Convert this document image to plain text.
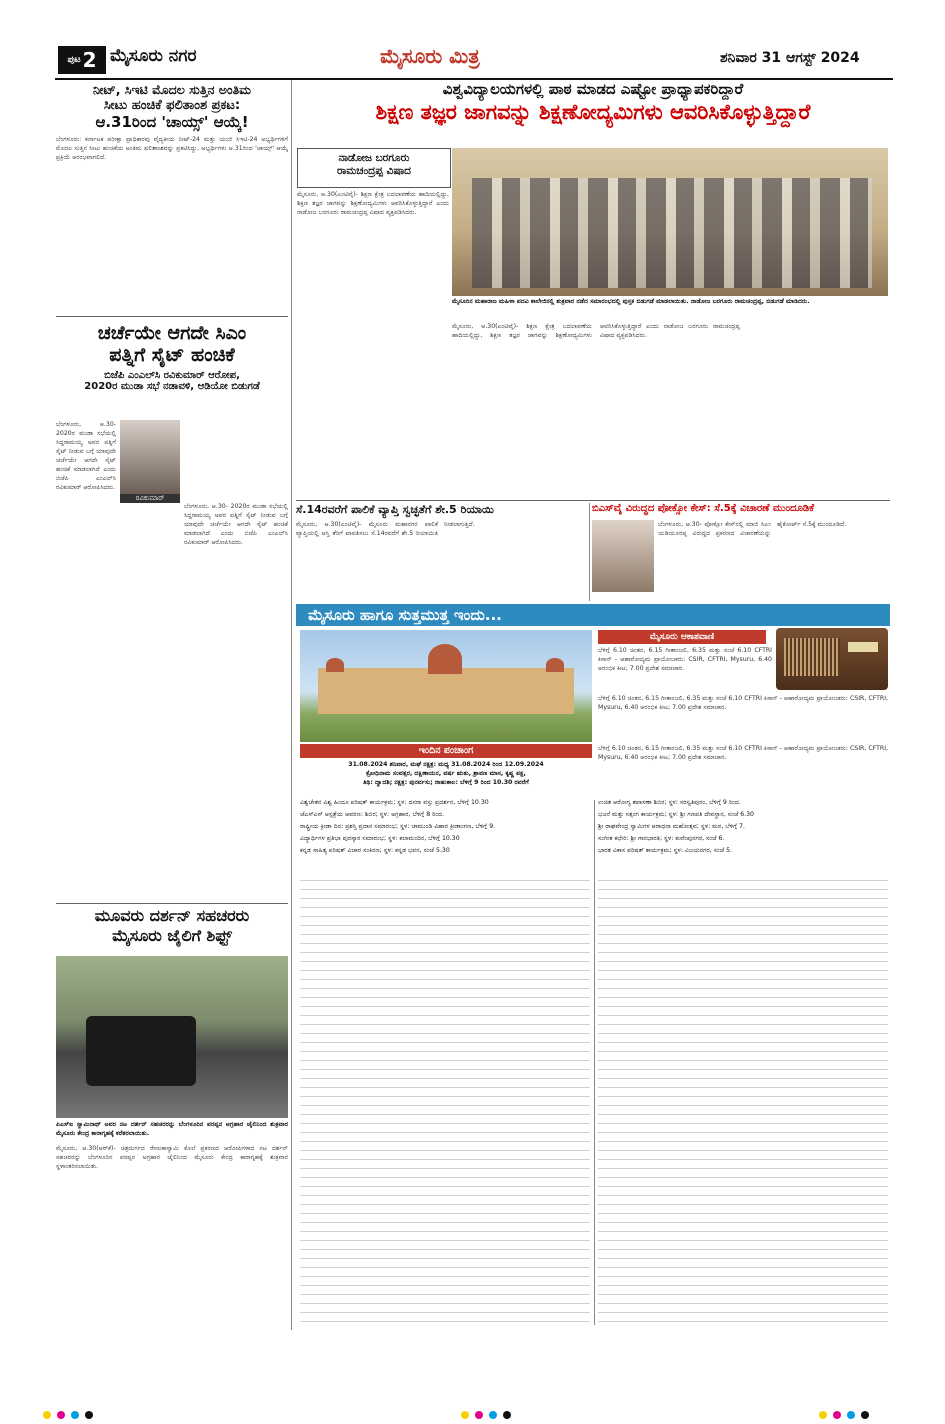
ಪುಟ 2 ಮೈಸೂರು ನಗರ	ಮೈಸೂರು ಮಿತ್ರ	ಶನಿವಾರ 31 ಆಗಸ್ಟ್ 2024
ನೀಟ್, ಸಿಇಟಿ ಮೊದಲ ಸುತ್ತಿನ ಅಂತಿಮ
ಸೀಟು ಹಂಚಿಕೆ ಫಲಿತಾಂಶ ಪ್ರಕಟ:
ಆ.31ರಿಂದ 'ಚಾಯ್ಸ್' ಆಯ್ಕೆ!

ಬೆಂಗಳೂರು: ಕರ್ನಾಟಕ ಪರೀಕ್ಷಾ ಪ್ರಾಧಿಕಾರವು ವೈದ್ಯಕೀಯ ನೀಟ್-24 ಮತ್ತು ಯುಜಿ ಸಿಇಟಿ-24 ಅಭ್ಯರ್ಥಿಗಳಿಗೆ ಮೊದಲ ಸುತ್ತಿನ ಸೀಟು ಹಂಚಿಕೆಯ ಅಂತಿಮ ಫಲಿತಾಂಶವನ್ನು ಪ್ರಕಟಿಸಿದ್ದು, ಅಭ್ಯರ್ಥಿಗಳು ಆ.31ರಿಂದ 'ಚಾಯ್ಸ್' ಆಯ್ಕೆ ಪ್ರಕ್ರಿಯೆ ಆರಂಭವಾಗಲಿದೆ.

ಚರ್ಚೆಯೇ ಆಗದೇ ಸಿಎಂ
ಪತ್ನಿಗೆ ಸೈಟ್ ಹಂಚಿಕೆ
ಬಿಜೆಪಿ ಎಂಎಲ್‌ಸಿ ರವಿಕುಮಾರ್ ಆರೋಪ,
2020ರ ಮುಡಾ ಸಭೆ ನಡಾವಳಿ, ಆಡಿಯೋ ಬಿಡುಗಡೆ
ರವಿಕುಮಾರ್

ಬೆಂಗಳೂರು, ಆ.30- 2020ರ ಮುಡಾ ಸಭೆಯಲ್ಲಿ ಸಿದ್ದರಾಮಯ್ಯ ಅವರ ಪತ್ನಿಗೆ ಸೈಟ್ ನೀಡುವ ಬಗ್ಗೆ ಯಾವುದೇ ಚರ್ಚೆಯೇ ಆಗದೇ ಸೈಟ್ ಹಂಚಿಕೆ ಮಾಡಲಾಗಿದೆ ಎಂದು ಬಿಜೆಪಿ ಎಂಎಲ್‌ಸಿ ರವಿಕುಮಾರ್ ಆರೋಪಿಸಿದರು.

ಬೆಂಗಳೂರು, ಆ.30- 2020ರ ಮುಡಾ ಸಭೆಯಲ್ಲಿ ಸಿದ್ದರಾಮಯ್ಯ ಅವರ ಪತ್ನಿಗೆ ಸೈಟ್ ನೀಡುವ ಬಗ್ಗೆ ಯಾವುದೇ ಚರ್ಚೆಯೇ ಆಗದೇ ಸೈಟ್ ಹಂಚಿಕೆ ಮಾಡಲಾಗಿದೆ ಎಂದು ಬಿಜೆಪಿ ಎಂಎಲ್‌ಸಿ ರವಿಕುಮಾರ್ ಆರೋಪಿಸಿದರು.

ಮೂವರು ದರ್ಶನ್ ಸಹಚರರು
ಮೈಸೂರು ಜೈಲಿಗೆ ಶಿಫ್ಟ್

ಪಿಎಸ್ಐ ಸ್ವಾಮಿನಾಥ್ ಅವರ ನಟ ದರ್ಶನ್ ಸಹಚರರನ್ನು ಬೆಂಗಳೂರಿನ ಪರಪ್ಪನ ಅಗ್ರಹಾರ ಜೈಲಿನಿಂದ ಶುಕ್ರವಾರ ಮೈಸೂರು ಕೇಂದ್ರ ಕಾರಾಗೃಹಕ್ಕೆ ಕರೆತರಲಾಯಿತು.

ಮೈಸೂರು, ಆ.30(ಆರ್‌ಕೆ)- ಚಿತ್ರದುರ್ಗದ ರೇಣುಕಾಸ್ವಾಮಿ ಕೊಲೆ ಪ್ರಕರಣದ ಆರೋಪಿಗಳಾದ ನಟ ದರ್ಶನ್ ಸಹಚರರನ್ನು ಬೆಂಗಳೂರಿನ ಪರಪ್ಪನ ಅಗ್ರಹಾರ ಜೈಲಿನಿಂದ ಮೈಸೂರು ಕೇಂದ್ರ ಕಾರಾಗೃಹಕ್ಕೆ ಶುಕ್ರವಾರ ಸ್ಥಳಾಂತರಿಸಲಾಯಿತು.

ವಿಶ್ವವಿದ್ಯಾಲಯಗಳಲ್ಲಿ ಪಾಠ ಮಾಡದ ಎಷ್ಟೋ ಪ್ರಾಧ್ಯಾಪಕರಿದ್ದಾರೆ
ಶಿಕ್ಷಣ ತಜ್ಞರ ಜಾಗವನ್ನು ಶಿಕ್ಷಣೋದ್ಯಮಿಗಳು ಆವರಿಸಿಕೊಳ್ಳುತ್ತಿದ್ದಾರೆ
ನಾಡೋಜ ಬರಗೂರು
ರಾಮಚಂದ್ರಪ್ಪ ವಿಷಾದ

ಮೈಸೂರು, ಆ.30(ಎಂಟಿವೈ)- ಶಿಕ್ಷಣ ಕ್ಷೇತ್ರ ಬದಲಾವಣೆಯ ಹಾದಿಯಲ್ಲಿದ್ದು, ಶಿಕ್ಷಣ ತಜ್ಞರ ಜಾಗವನ್ನು ಶಿಕ್ಷಣೋದ್ಯಮಿಗಳು ಆವರಿಸಿಕೊಳ್ಳುತ್ತಿದ್ದಾರೆ ಎಂದು ನಾಡೋಜ ಬರಗೂರು ರಾಮಚಂದ್ರಪ್ಪ ವಿಷಾದ ವ್ಯಕ್ತಪಡಿಸಿದರು.

ಮೈಸೂರಿನ ಮಹಾರಾಜ ಮಹಿಳಾ ಪದವಿ ಕಾಲೇಜಿನಲ್ಲಿ ಶುಕ್ರವಾರ ನಡೆದ ಸಮಾರಂಭದಲ್ಲಿ ಪುಸ್ತಕ ಬಿಡುಗಡೆ ಮಾಡಲಾಯಿತು. ನಾಡೋಜ ಬರಗೂರು ರಾಮಚಂದ್ರಪ್ಪ, ಬಿಡುಗಡೆ ಮಾಡಿದರು.

ಮೈಸೂರು, ಆ.30(ಎಂಟಿವೈ)- ಶಿಕ್ಷಣ ಕ್ಷೇತ್ರ ಬದಲಾವಣೆಯ ಹಾದಿಯಲ್ಲಿದ್ದು, ಶಿಕ್ಷಣ ತಜ್ಞರ ಜಾಗವನ್ನು ಶಿಕ್ಷಣೋದ್ಯಮಿಗಳು ಆವರಿಸಿಕೊಳ್ಳುತ್ತಿದ್ದಾರೆ ಎಂದು ನಾಡೋಜ ಬರಗೂರು ರಾಮಚಂದ್ರಪ್ಪ ವಿಷಾದ ವ್ಯಕ್ತಪಡಿಸಿದರು.

ಸೆ.14ರವರೆಗೆ ಪಾಲಿಕೆ ವ್ಯಾಪ್ತಿ ಸ್ವಚ್ಛತೆಗೆ ಶೇ.5 ರಿಯಾಯಿ

ಮೈಸೂರು, ಆ.30(ಎಂಟಿವೈ)- ಮೈಸೂರು ಮಹಾನಗರ ಪಾಲಿಕೆ ವ್ಯಾಪ್ತಿಯಲ್ಲಿ ಆಸ್ತಿ ತೆರಿಗೆ ಪಾವತಿಸಲು ಸೆ.14ರವರೆಗೆ ಶೇ.5 ರಿಯಾಯಿತಿ ನೀಡಲಾಗುತ್ತಿದೆ.

ಬಿಎಸ್‌ವೈ ವಿರುದ್ಧದ ಪೋಕ್ಸೋ ಕೇಸ್: ಸೆ.5ಕ್ಕೆ ವಿಚಾರಣೆ ಮುಂದೂಡಿಕೆ

ಬೆಂಗಳೂರು, ಆ.30- ಪೋಕ್ಸೋ ಕೇಸ್‌ನಲ್ಲಿ ಮಾಜಿ ಸಿಎಂ ಯಡಿಯೂರಪ್ಪ ವಿರುದ್ಧದ ಪ್ರಕರಣದ ವಿಚಾರಣೆಯನ್ನು ಹೈಕೋರ್ಟ್ ಸೆ.5ಕ್ಕೆ ಮುಂದೂಡಿದೆ.

ಮೈಸೂರು ಹಾಗೂ ಸುತ್ತಮುತ್ತ ಇಂದು...
ಮೈಸೂರು ಆಕಾಶವಾಣಿ

ಬೆಳಿಗ್ಗೆ 6.10 ಚಿಂತನ, 6.15 ಗೀತಾಂಜಲಿ, 6.35 ಮತ್ತು ಸಂಜೆ 6.10 CFTRI ಕಿಸಾನ್ - ಆಹಾರೋದ್ಯಮ ಪ್ರಾಯೋಜಕರು: CSIR, CFTRI, Mysuru, 6.40 ಆರಂಭಿಕ ಕೀಟ; 7.00 ಪ್ರದೇಶ ಸಮಾಚಾರ.

ಬೆಳಿಗ್ಗೆ 6.10 ಚಿಂತನ, 6.15 ಗೀತಾಂಜಲಿ, 6.35 ಮತ್ತು ಸಂಜೆ 6.10 CFTRI ಕಿಸಾನ್ - ಆಹಾರೋದ್ಯಮ ಪ್ರಾಯೋಜಕರು: CSIR, CFTRI, Mysuru, 6.40 ಆರಂಭಿಕ ಕೀಟ; 7.00 ಪ್ರದೇಶ ಸಮಾಚಾರ.

ಇಂದಿನ ಪಂಚಾಂಗ
31.08.2024 ಶನಿವಾರ, ಮಘೆ ನಕ್ಷತ್ರ: ಮಧ್ಯ 31.08.2024 ರಿಂದ 12.09.2024
ಕ್ರೋಧಿನಾಮ ಸಂವತ್ಸರ, ದಕ್ಷಿಣಾಯನ, ವರ್ಷ ಋತು, ಶ್ರಾವಣ ಮಾಸ, ಕೃಷ್ಣ ಪಕ್ಷ,
ತಿಥಿ: ದ್ವಾದಶಿ; ನಕ್ಷತ್ರ: ಪುನರ್ವಸು; ರಾಹುಕಾಲ: ಬೆಳಿಗ್ಗೆ 9 ರಿಂದ 10.30 ರವರೆಗೆ

ಬೆಳಿಗ್ಗೆ 6.10 ಚಿಂತನ, 6.15 ಗೀತಾಂಜಲಿ, 6.35 ಮತ್ತು ಸಂಜೆ 6.10 CFTRI ಕಿಸಾನ್ - ಆಹಾರೋದ್ಯಮ ಪ್ರಾಯೋಜಕರು: CSIR, CFTRI, Mysuru, 6.40 ಆರಂಭಿಕ ಕೀಟ; 7.00 ಪ್ರದೇಶ ಸಮಾಚಾರ.

ವಿಶ್ವಚೇತನ ವಿಶ್ವ ಹಿಂದೂ ಪರಿಷತ್ ಕಾರ್ಯಕ್ರಮ; ಸ್ಥಳ: ದಸರಾ ವಸ್ತು ಪ್ರದರ್ಶನ, ಬೆಳಿಗ್ಗೆ 10.30
ಜೆಎಸ್‌ಎಸ್ ಆಸ್ಪತ್ರೆಯ ಆವರಣ: ಶಿಬಿರ; ಸ್ಥಳ: ಅಗ್ರಹಾರ, ಬೆಳಿಗ್ಗೆ 8 ರಿಂದ.
ರಾಷ್ಟ್ರೀಯ ಕ್ರೀಡಾ ದಿನ: ಪ್ರಶಸ್ತಿ ಪ್ರದಾನ ಸಮಾರಂಭ; ಸ್ಥಳ: ಚಾಮುಂಡಿ ವಿಹಾರ ಕ್ರೀಡಾಂಗಣ, ಬೆಳಿಗ್ಗೆ 9.
ವಿದ್ಯಾರ್ಥಿಗಳ ಪ್ರತಿಭಾ ಪುರಸ್ಕಾರ ಸಮಾರಂಭ; ಸ್ಥಳ: ಕಲಾಮಂದಿರ, ಬೆಳಿಗ್ಗೆ 10.30
ಕನ್ನಡ ಸಾಹಿತ್ಯ ಪರಿಷತ್ ವಿಚಾರ ಸಂಕಿರಣ; ಸ್ಥಳ: ಕನ್ನಡ ಭವನ, ಸಂಜೆ 5.30
ಉಚಿತ ಆರೋಗ್ಯ ತಪಾಸಣಾ ಶಿಬಿರ; ಸ್ಥಳ: ಸರಸ್ವತಿಪುರಂ, ಬೆಳಿಗ್ಗೆ 9 ರಿಂದ.
ಭಜನೆ ಮತ್ತು ಸತ್ಸಂಗ ಕಾರ್ಯಕ್ರಮ; ಸ್ಥಳ: ಶ್ರೀ ಗಣಪತಿ ದೇವಸ್ಥಾನ, ಸಂಜೆ 6.30
ಶ್ರೀ ರಾಘವೇಂದ್ರ ಸ್ವಾಮಿಗಳ ಆರಾಧನಾ ಮಹೋತ್ಸವ; ಸ್ಥಳ: ಮಠ, ಬೆಳಿಗ್ಗೆ 7.
ಸಂಗೀತ ಕಛೇರಿ: ಶ್ರೀ ಗಾನಭಾರತಿ; ಸ್ಥಳ: ಕುವೆಂಪುನಗರ, ಸಂಜೆ 6.
ಭಾರತ ವಿಕಾಸ ಪರಿಷತ್ ಕಾರ್ಯಕ್ರಮ; ಸ್ಥಳ: ವಿಜಯನಗರ, ಸಂಜೆ 5.
